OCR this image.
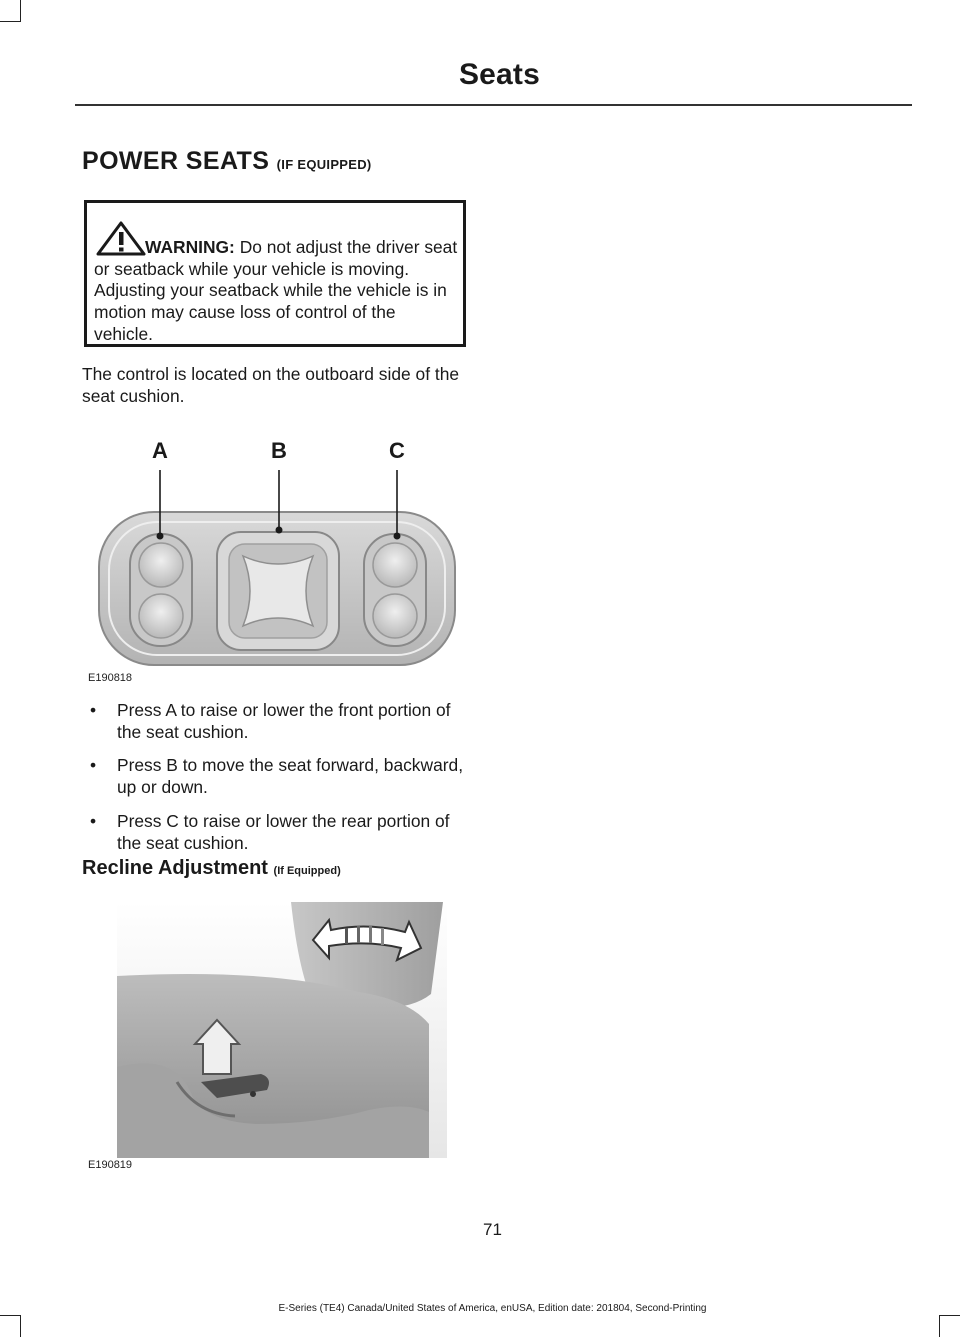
Seats
POWER SEATS (IF EQUIPPED)
WARNING: Do not adjust the driver seat or seatback while your vehicle is moving. Adjusting your seatback while the vehicle is in motion may cause loss of control of the vehicle.
The control is located on the outboard side of the seat cushion.
A	B	C
E190818
• Press A to raise or lower the front portion of the seat cushion.
• Press B to move the seat forward, backward, up or down.
• Press C to raise or lower the rear portion of the seat cushion.
Recline Adjustment (If Equipped)
E190819
71
E-Series (TE4) Canada/United States of America, enUSA, Edition date: 201804, Second-Printing
